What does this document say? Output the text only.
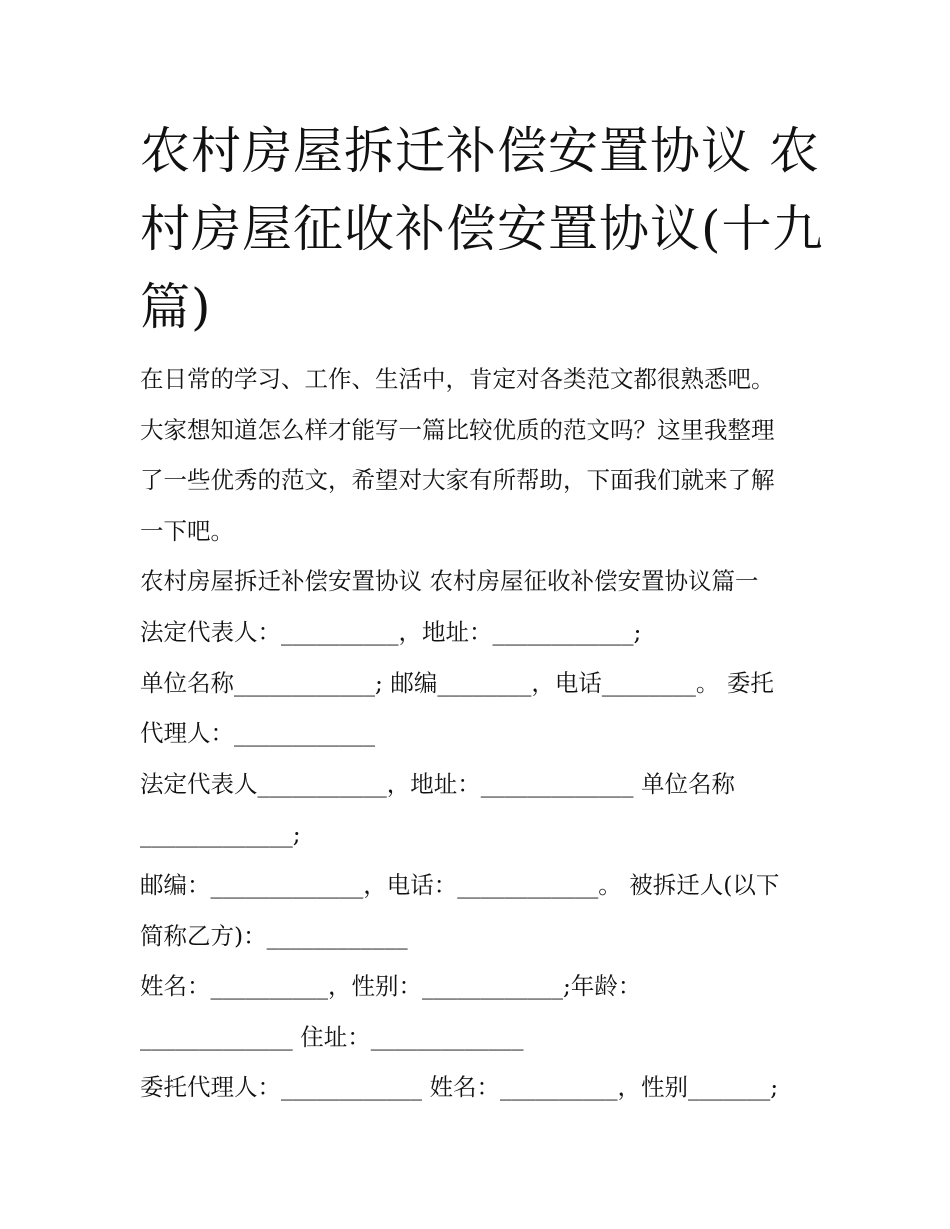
农村房屋拆迁补偿安置协议 农
村房屋征收补偿安置协议(十九
篇)
在日常的学习、工作、生活中，肯定对各类范文都很熟悉吧。
大家想知道怎么样才能写一篇比较优质的范文吗？这里我整理
了一些优秀的范文，希望对大家有所帮助，下面我们就来了解
一下吧。
农村房屋拆迁补偿安置协议 农村房屋征收补偿安置协议篇一
法定代表人：__________，地址：____________;
单位名称____________; 邮编________，电话________。 委托
代理人：____________
法定代表人___________，地址：_____________ 单位名称
_____________;
邮编：_____________，电话：____________。 被拆迁人(以下
简称乙方)：____________
姓名：__________，性别：____________;年龄：
_____________ 住址：_____________
委托代理人：____________ 姓名：__________，性别_______;
